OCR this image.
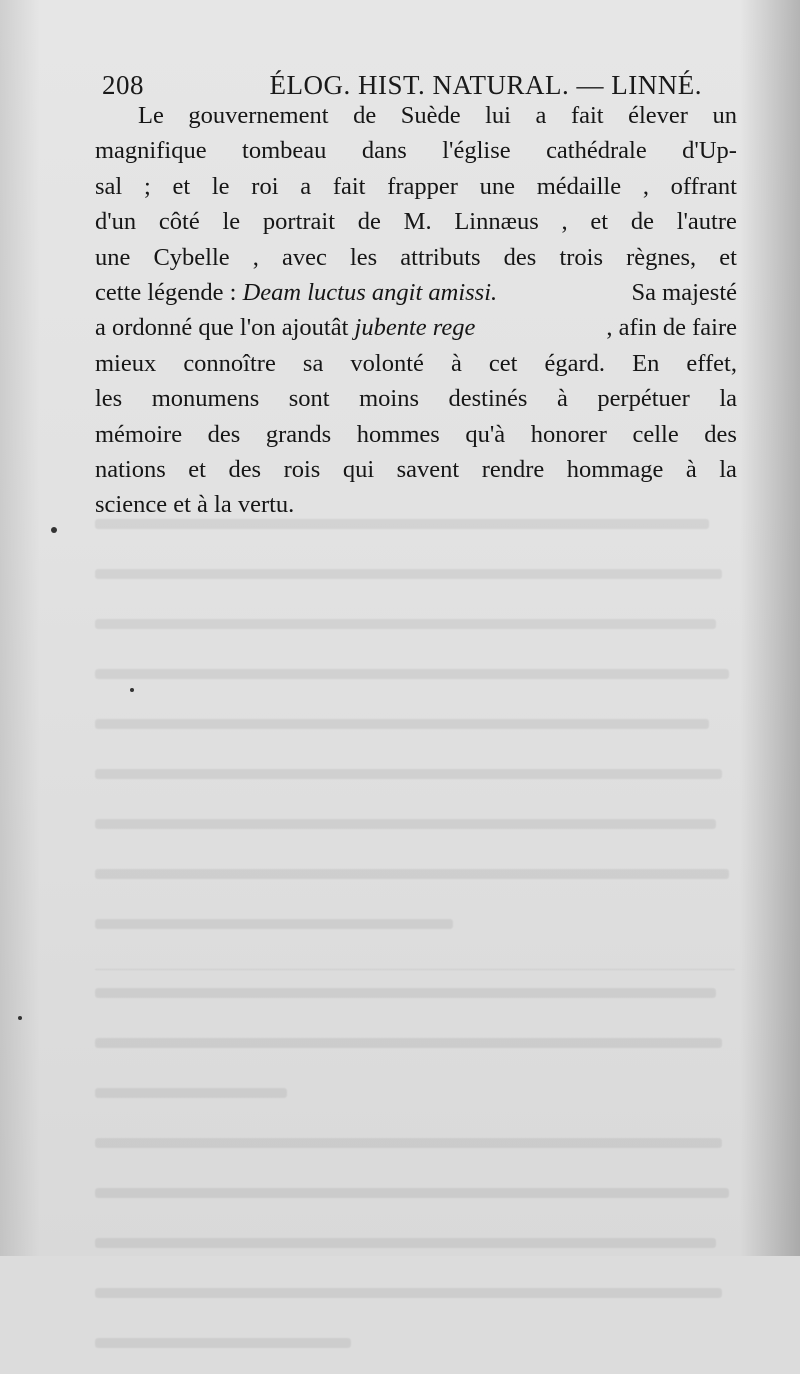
208	ÉLOG. HIST. NATURAL. — LINNÉ.
Le gouvernement de Suède lui a fait élever un
magnifique tombeau dans l'église cathédrale d'Up-
sal ; et le roi a fait frapper une médaille , offrant
d'un côté le portrait de M. Linnæus , et de l'autre
une Cybelle , avec les attributs des trois règnes, et
cette légende : Deam luctus angit amissi.	Sa majesté
a ordonné que l'on ajoutât jubente rege	, afin de faire
mieux connoître sa volonté à cet égard. En effet,
les monumens sont moins destinés à perpétuer la
mémoire des grands hommes qu'à honorer celle des
nations et des rois qui savent rendre hommage à la
science et à la vertu.
